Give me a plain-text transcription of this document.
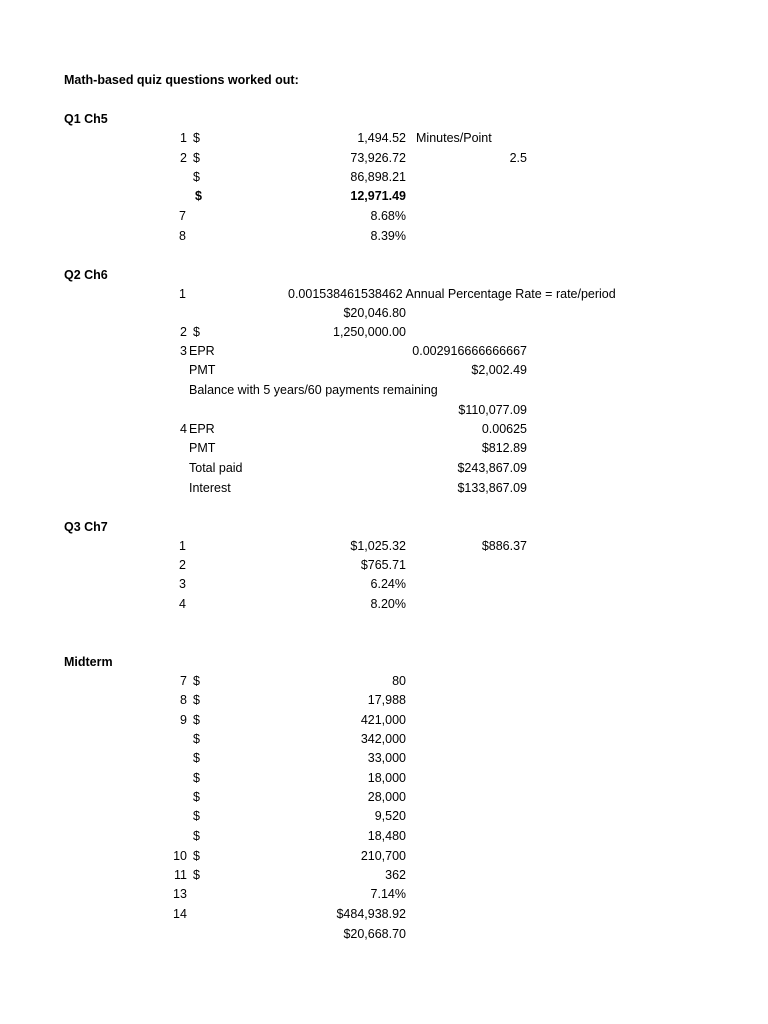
Math-based quiz questions worked out:
Q1 Ch5
1 $	1,494.52 Minutes/Point
2 $	73,926.72	2.5
$	86,898.21
$	12,971.49
7	8.68%
8	8.39%
Q2 Ch6
1	0.001538461538462 Annual Percentage Rate = rate/period
$20,046.80
2 $	1,250,000.00
3 EPR	0.002916666666667
PMT	$2,002.49
Balance with 5 years/60 payments remaining
$110,077.09
4 EPR	0.00625
PMT	$812.89
Total paid	$243,867.09
Interest	$133,867.09
Q3 Ch7
1	$1,025.32	$886.37
2	$765.71
3	6.24%
4	8.20%
Midterm
7 $	80
8 $	17,988
9 $	421,000
$	342,000
$	33,000
$	18,000
$	28,000
$	9,520
$	18,480
10 $	210,700
11 $	362
13	7.14%
14	$484,938.92
$20,668.70
